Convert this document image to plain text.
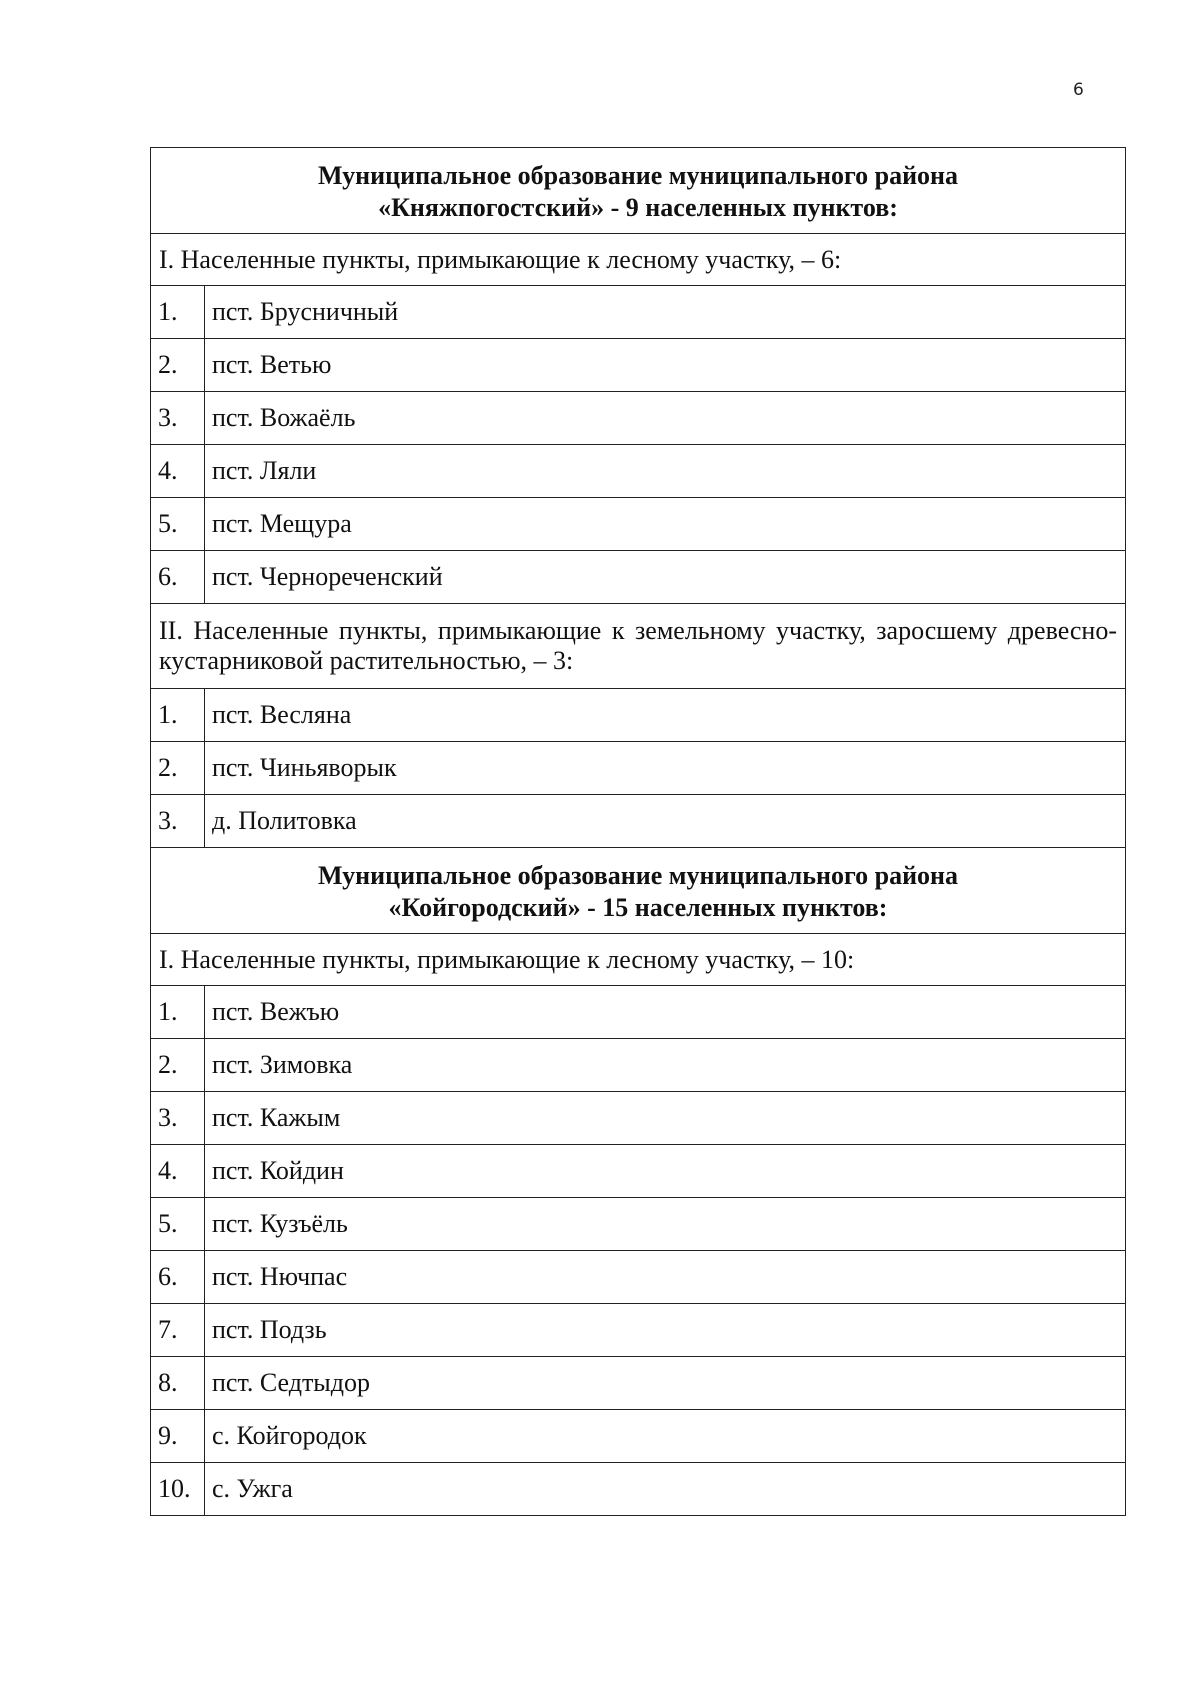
6
Муниципальное образование муниципального района
«Княжпогостский» - 9 населенных пунктов:	

I. Населенные пункты, примыкающие к лесному участку, – 6:	
1.	пст. Брусничный
2.	пст. Ветью
3.	пст. Вожаёль
4.	пст. Ляли
5.	пст. Мещура
6.	пст. Чернореченский
II. Населенные пункты, примыкающие к земельному участку, заросшему древесно-кустарниковой растительностью, – 3:	
1.	пст. Весляна
2.	пст. Чиньяворык
3.	д. Политовка

Муниципальное образование муниципального района
«Койгородский» - 15 населенных пунктов:	

I. Населенные пункты, примыкающие к лесному участку, – 10:	
1.	пст. Вежъю
2.	пст. Зимовка
3.	пст. Кажым
4.	пст. Койдин
5.	пст. Кузъёль
6.	пст. Нючпас
7.	пст. Подзь
8.	пст. Седтыдор
9.	с. Койгородок
10.	с. Ужга
